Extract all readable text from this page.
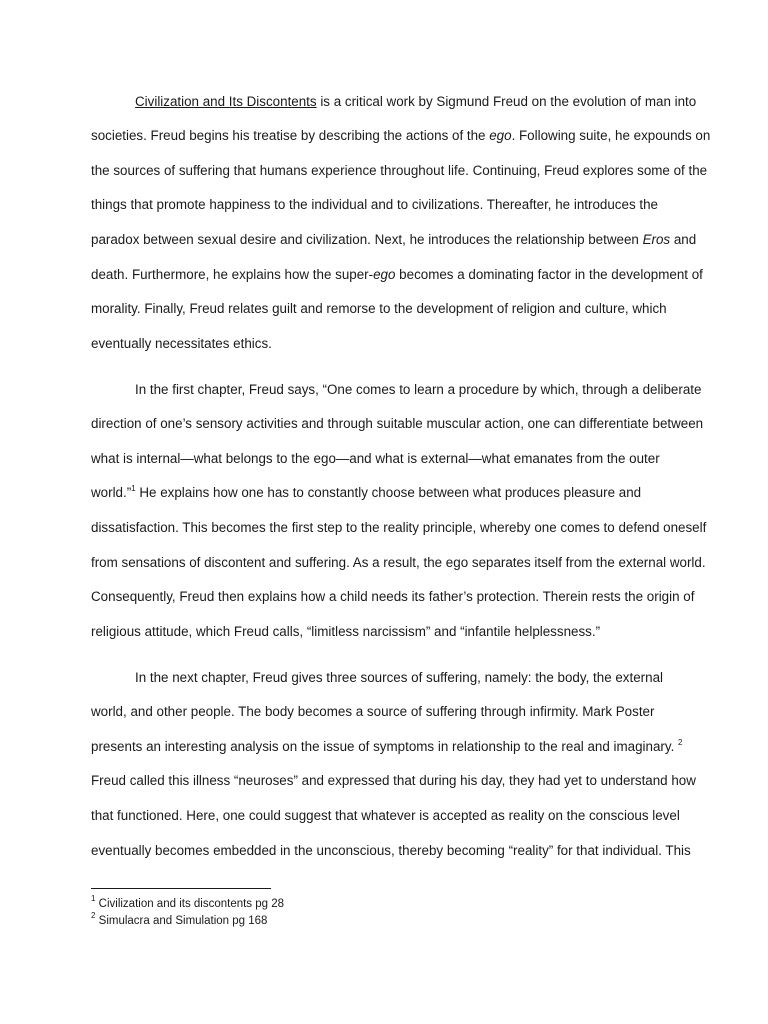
Civilization and Its Discontents is a critical work by Sigmund Freud on the evolution of man into
societies. Freud begins his treatise by describing the actions of the ego. Following suite, he expounds on
the sources of suffering that humans experience throughout life. Continuing, Freud explores some of the
things that promote happiness to the individual and to civilizations. Thereafter, he introduces the
paradox between sexual desire and civilization. Next, he introduces the relationship between Eros and
death. Furthermore, he explains how the super-ego becomes a dominating factor in the development of
morality. Finally, Freud relates guilt and remorse to the development of religion and culture, which
eventually necessitates ethics.
In the first chapter, Freud says, “One comes to learn a procedure by which, through a deliberate
direction of one’s sensory activities and through suitable muscular action, one can differentiate between
what is internal—what belongs to the ego—and what is external—what emanates from the outer
world.”$^1$ He explains how one has to constantly choose between what produces pleasure and
dissatisfaction. This becomes the first step to the reality principle, whereby one comes to defend oneself
from sensations of discontent and suffering. As a result, the ego separates itself from the external world.
Consequently, Freud then explains how a child needs its father’s protection. Therein rests the origin of
religious attitude, which Freud calls, “limitless narcissism” and “infantile helplessness.”
In the next chapter, Freud gives three sources of suffering, namely: the body, the external
world, and other people. The body becomes a source of suffering through infirmity. Mark Poster
presents an interesting analysis on the issue of symptoms in relationship to the real and imaginary. $^2$
Freud called this illness “neuroses” and expressed that during his day, they had yet to understand how
that functioned. Here, one could suggest that whatever is accepted as reality on the conscious level
eventually becomes embedded in the unconscious, thereby becoming “reality” for that individual. This
$^1$ Civilization and its discontents pg 28
$^2$ Simulacra and Simulation pg 168
